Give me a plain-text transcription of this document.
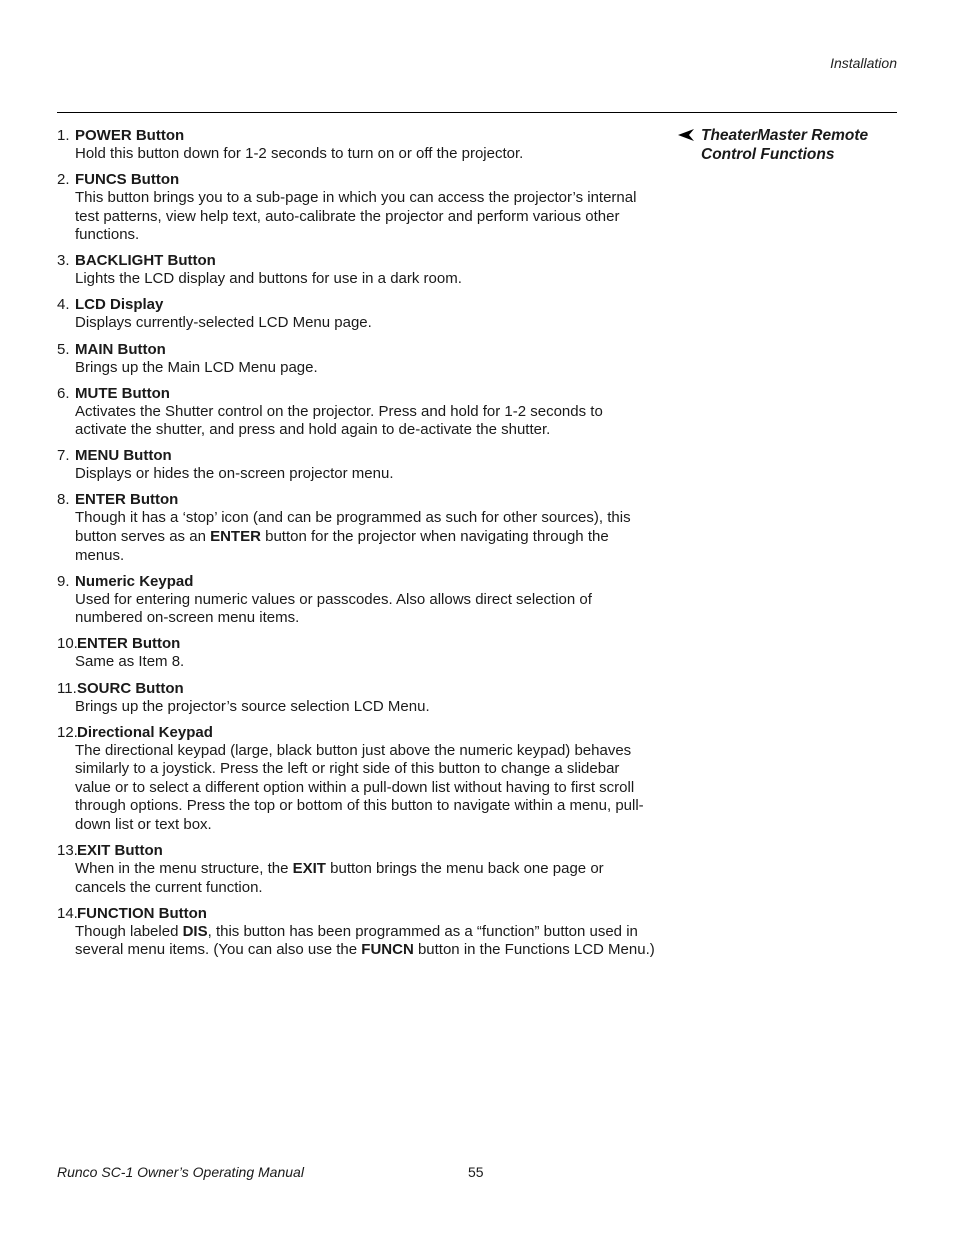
Installation
1. POWER Button
Hold this button down for 1-2 seconds to turn on or off the projector.
2. FUNCS Button
This button brings you to a sub-page in which you can access the projector’s internal test patterns, view help text, auto-calibrate the projector and perform various other functions.
3. BACKLIGHT Button
Lights the LCD display and buttons for use in a dark room.
4. LCD Display
Displays currently-selected LCD Menu page.
5. MAIN Button
Brings up the Main LCD Menu page.
6. MUTE Button
Activates the Shutter control on the projector. Press and hold for 1-2 seconds to activate the shutter, and press and hold again to de-activate the shutter.
7. MENU Button
Displays or hides the on-screen projector menu.
8. ENTER Button
Though it has a ‘stop’ icon (and can be programmed as such for other sources), this button serves as an ENTER button for the projector when navigating through the menus.
9. Numeric Keypad
Used for entering numeric values or passcodes. Also allows direct selection of numbered on-screen menu items.
10.ENTER Button
Same as Item 8.
11.SOURC Button
Brings up the projector’s source selection LCD Menu.
12.Directional Keypad
The directional keypad (large, black button just above the numeric keypad) behaves similarly to a joystick. Press the left or right side of this button to change a slidebar value or to select a different option within a pull-down list without having to first scroll through options. Press the top or bottom of this button to navigate within a menu, pull-down list or text box.
13.EXIT Button
When in the menu structure, the EXIT button brings the menu back one page or cancels the current function.
14.FUNCTION Button
Though labeled DIS, this button has been programmed as a “function” button used in several menu items. (You can also use the FUNCN button in the Functions LCD Menu.)
TheaterMaster Remote
Control Functions
Runco SC-1 Owner’s Operating Manual	55
